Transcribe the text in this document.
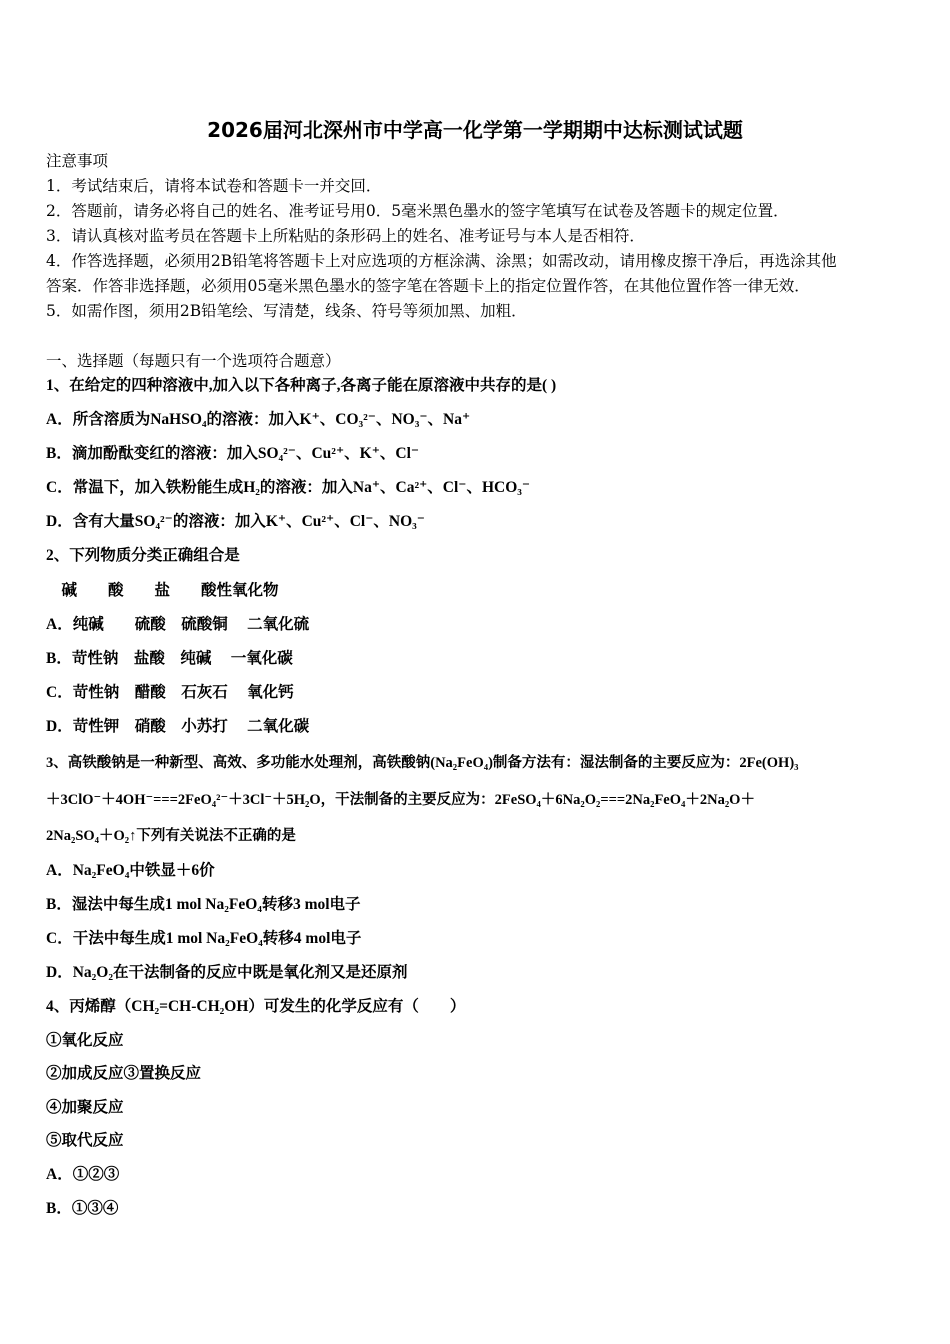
2026届河北深州市中学高一化学第一学期期中达标测试试题
注意事项
1．考试结束后，请将本试卷和答题卡一并交回．
2．答题前，请务必将自己的姓名、准考证号用0．5毫米黑色墨水的签字笔填写在试卷及答题卡的规定位置．
3．请认真核对监考员在答题卡上所粘贴的条形码上的姓名、准考证号与本人是否相符．
4．作答选择题，必须用2B铅笔将答题卡上对应选项的方框涂满、涂黑；如需改动，请用橡皮擦干净后，再选涂其他
答案．作答非选择题，必须用05毫米黑色墨水的签字笔在答题卡上的指定位置作答，在其他位置作答一律无效．
5．如需作图，须用2B铅笔绘、写清楚，线条、符号等须加黑、加粗．
一、选择题（每题只有一个选项符合题意）
1、在给定的四种溶液中,加入以下各种离子,各离子能在原溶液中共存的是( )
A．所含溶质为NaHSO₄的溶液：加入K⁺、CO₃²⁻、NO₃⁻、Na⁺
B．滴加酚酞变红的溶液：加入SO₄²⁻、Cu²⁺、K⁺、Cl⁻
C．常温下，加入铁粉能生成H₂的溶液：加入Na⁺、Ca²⁺、Cl⁻、HCO₃⁻
D．含有大量SO₄²⁻的溶液：加入K⁺、Cu²⁺、Cl⁻、NO₃⁻
2、下列物质分类正确组合是
　碱　　酸　　盐　　酸性氧化物
A．纯碱　　硫酸　硫酸铜　 二氧化硫
B．苛性钠　盐酸　纯碱　 一氧化碳
C．苛性钠　醋酸　石灰石　 氧化钙
D．苛性钾　硝酸　小苏打　 二氧化碳
3、高铁酸钠是一种新型、高效、多功能水处理剂，高铁酸钠(Na₂FeO₄)制备方法有：湿法制备的主要反应为：2Fe(OH)₃
＋3ClO⁻＋4OH⁻===2FeO₄²⁻＋3Cl⁻＋5H₂O，干法制备的主要反应为：2FeSO₄＋6Na₂O₂===2Na₂FeO₄＋2Na₂O＋
2Na₂SO₄＋O₂↑下列有关说法不正确的是
A．Na₂FeO₄中铁显＋6价
B．湿法中每生成1 mol Na₂FeO₄转移3 mol电子
C．干法中每生成1 mol Na₂FeO₄转移4 mol电子
D．Na₂O₂在干法制备的反应中既是氧化剂又是还原剂
4、丙烯醇（CH₂=CH-CH₂OH）可发生的化学反应有（　　）
①氧化反应
②加成反应③置换反应
④加聚反应
⑤取代反应
A．①②③
B．①③④
